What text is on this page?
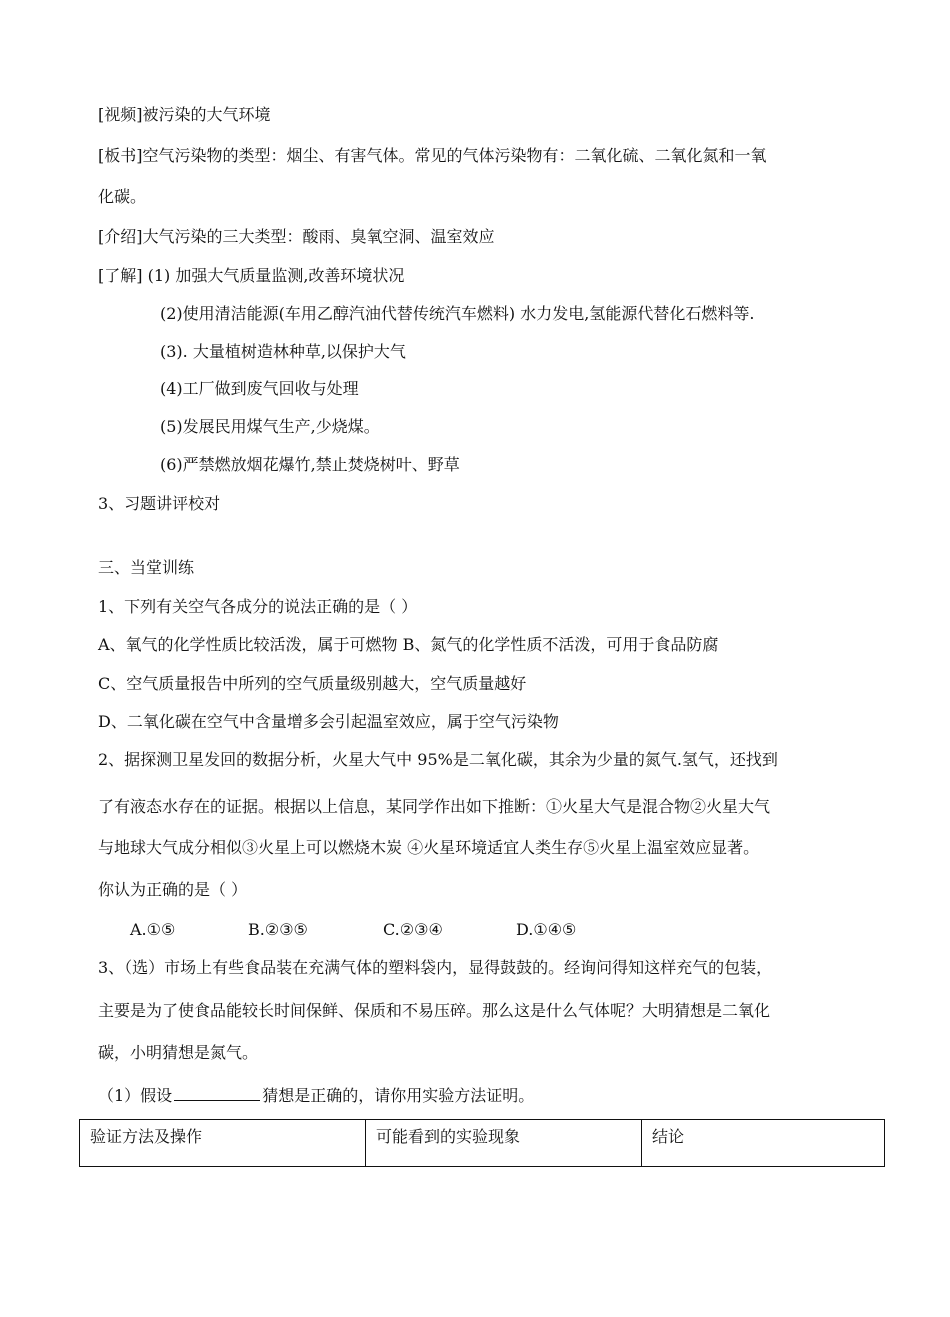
[视频]被污染的大气环境
[板书]空气污染物的类型：烟尘、有害气体。常见的气体污染物有：二氧化硫、二氧化氮和一氧
化碳。
[介绍]大气污染的三大类型：酸雨、臭氧空洞、温室效应
[了解] (1) 加强大气质量监测,改善环境状况
(2)使用清洁能源(车用乙醇汽油代替传统汽车燃料) 水力发电,氢能源代替化石燃料等.
(3). 大量植树造林种草,以保护大气
(4)工厂做到废气回收与处理
(5)发展民用煤气生产,少烧煤。
(6)严禁燃放烟花爆竹,禁止焚烧树叶、野草
3、习题讲评校对
三、当堂训练
1、下列有关空气各成分的说法正确的是（ ）
A、氧气的化学性质比较活泼，属于可燃物 B、氮气的化学性质不活泼，可用于食品防腐
C、空气质量报告中所列的空气质量级别越大，空气质量越好
D、二氧化碳在空气中含量增多会引起温室效应，属于空气污染物
2、据探测卫星发回的数据分析，火星大气中 95%是二氧化碳，其余为少量的氮气.氢气，还找到
了有液态水存在的证据。根据以上信息，某同学作出如下推断：①火星大气是混合物②火星大气
与地球大气成分相似③火星上可以燃烧木炭 ④火星环境适宜人类生存⑤火星上温室效应显著。
你认为正确的是（ ）
A.①⑤	B.②③⑤	C.②③④	D.①④⑤
3、（选）市场上有些食品装在充满气体的塑料袋内，显得鼓鼓的。经询问得知这样充气的包装，
主要是为了使食品能较长时间保鲜、保质和不易压碎。那么这是什么气体呢？大明猜想是二氧化
碳，小明猜想是氮气。
（1）假设	猜想是正确的，请你用实验方法证明。
验证方法及操作	可能看到的实验现象	结论
